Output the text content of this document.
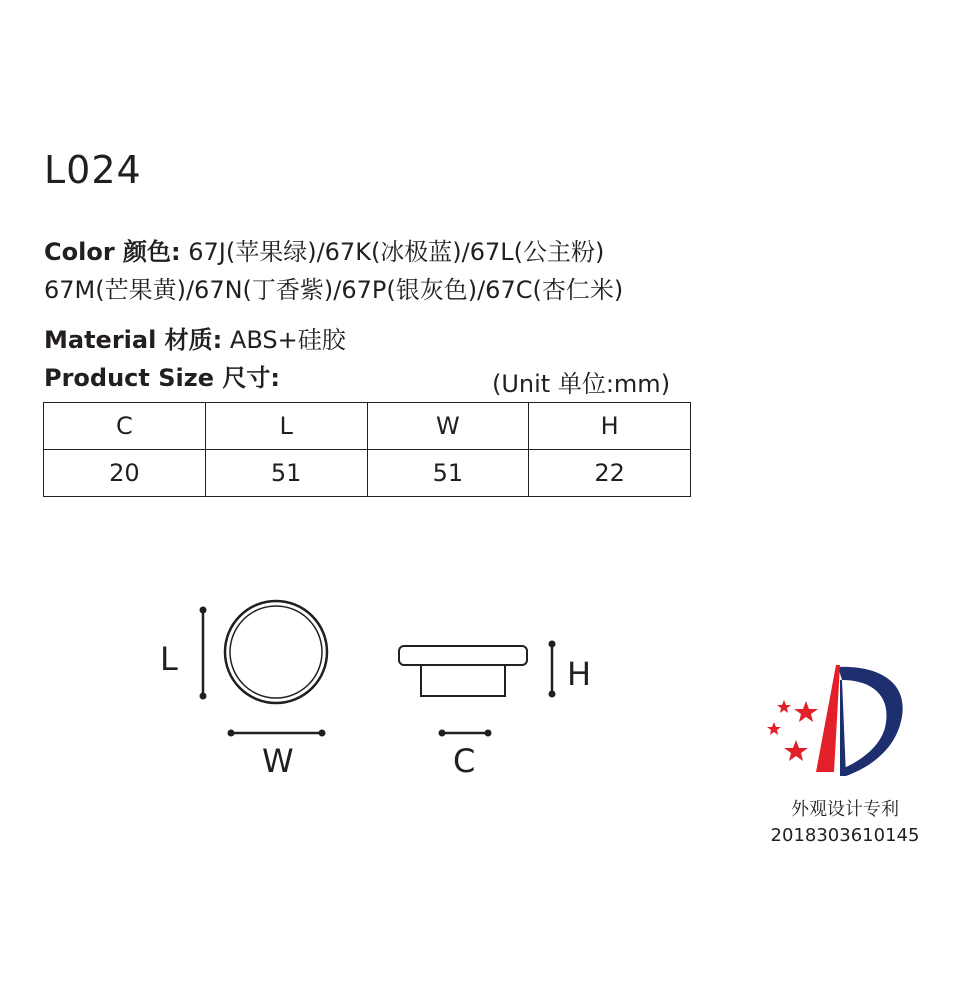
L024
Color 颜色: 67J(苹果绿)/67K(冰极蓝)/67L(公主粉)
67M(芒果黄)/67N(丁香紫)/67P(银灰色)/67C(杏仁米)
Material 材质: ABS+硅胶
Product Size 尺寸:	(Unit 单位:mm)
C	L	W	H
20	51	51	22
L
W
H
C
外观设计专利
2018303610145
